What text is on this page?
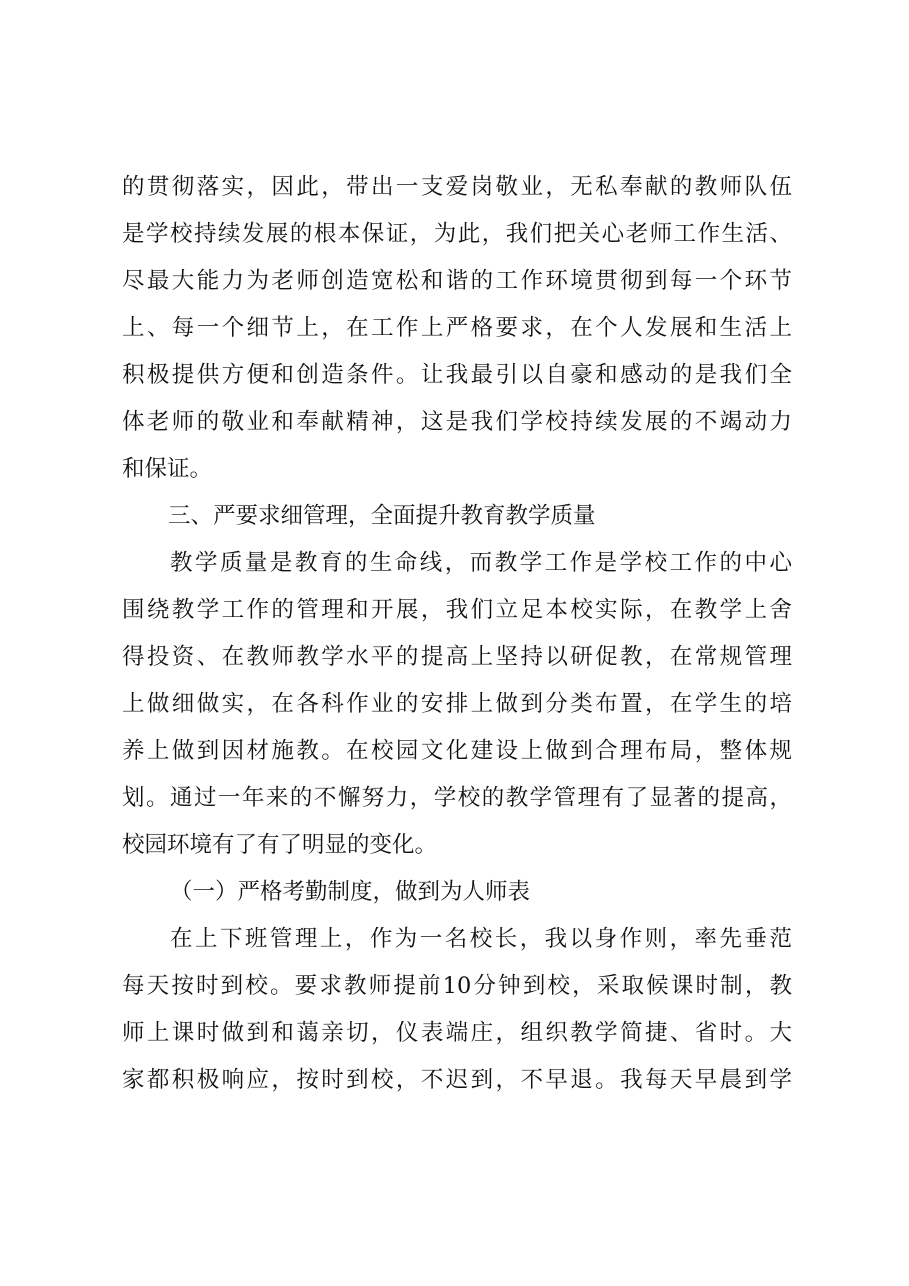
的贯彻落实，因此，带出一支爱岗敬业，无私奉献的教师队伍
是学校持续发展的根本保证，为此，我们把关心老师工作生活、
尽最大能力为老师创造宽松和谐的工作环境贯彻到每一个环节
上、每一个细节上，在工作上严格要求，在个人发展和生活上
积极提供方便和创造条件。让我最引以自豪和感动的是我们全
体老师的敬业和奉献精神，这是我们学校持续发展的不竭动力
和保证。
三、严要求细管理，全面提升教育教学质量
教学质量是教育的生命线，而教学工作是学校工作的中心
围绕教学工作的管理和开展，我们立足本校实际，在教学上舍
得投资、在教师教学水平的提高上坚持以研促教，在常规管理
上做细做实，在各科作业的安排上做到分类布置，在学生的培
养上做到因材施教。在校园文化建设上做到合理布局，整体规
划。通过一年来的不懈努力，学校的教学管理有了显著的提高，
校园环境有了有了明显的变化。
（一）严格考勤制度，做到为人师表
在上下班管理上，作为一名校长，我以身作则，率先垂范
每天按时到校。要求教师提前10分钟到校，采取候课时制，教
师上课时做到和蔼亲切，仪表端庄，组织教学简捷、省时。大
家都积极响应，按时到校，不迟到，不早退。我每天早晨到学
